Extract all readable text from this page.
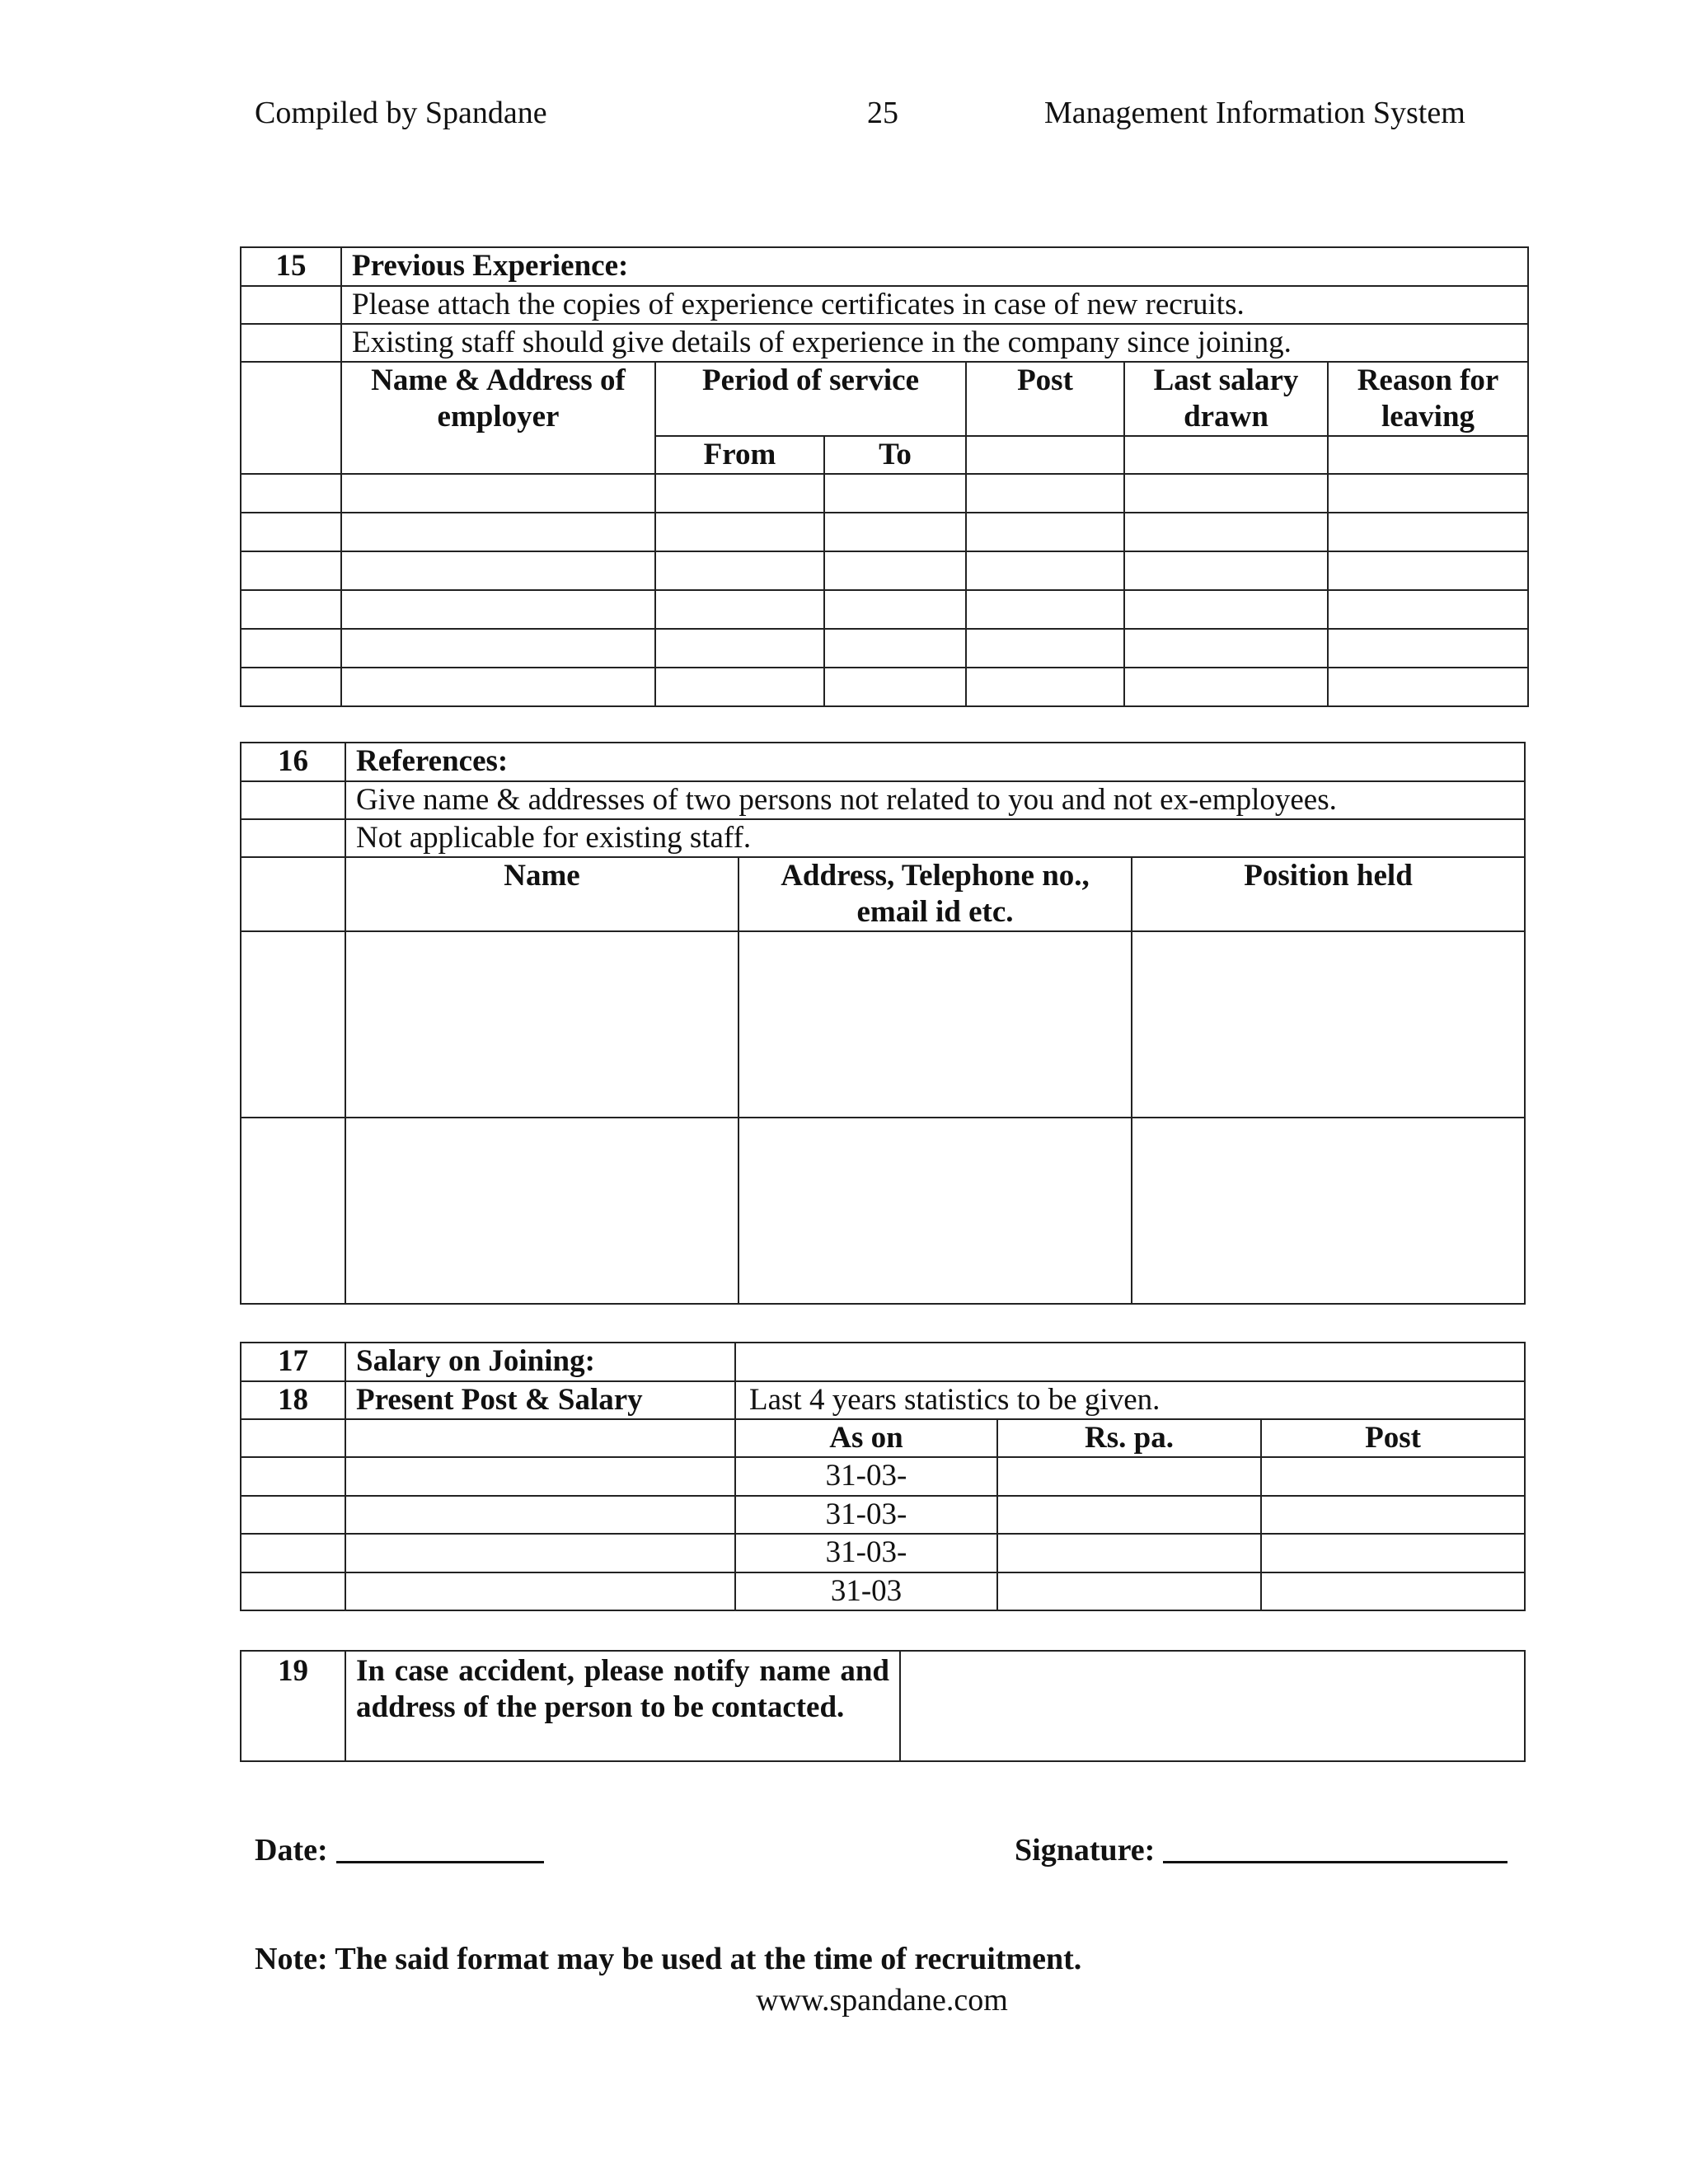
Compiled by Spandane	25	Management Information System
15	Previous Experience:					
	Please attach the copies of experience certificates in case of new recruits.					
	Existing staff should give details of experience in the company since joining.					
	Name & Address of employer	Period of service		Post	Last salary drawn	Reason for leaving
		From	To			

16	References:		
	Give name & addresses of two persons not related to you and not ex-employees.		
	Not applicable for existing staff.		
	Name	Address, Telephone no., email id etc.	Position held

17	Salary on Joining:			
18	Present Post & Salary	Last 4 years statistics to be given.		
		As on	Rs. pa.	Post
		31-03-		
		31-03-		
		31-03-		
		31-03		
19	In case accident, please notify name and address of the person to be contacted.	
Date:	Signature:
Note: The said format may be used at the time of recruitment.
www.spandane.com
